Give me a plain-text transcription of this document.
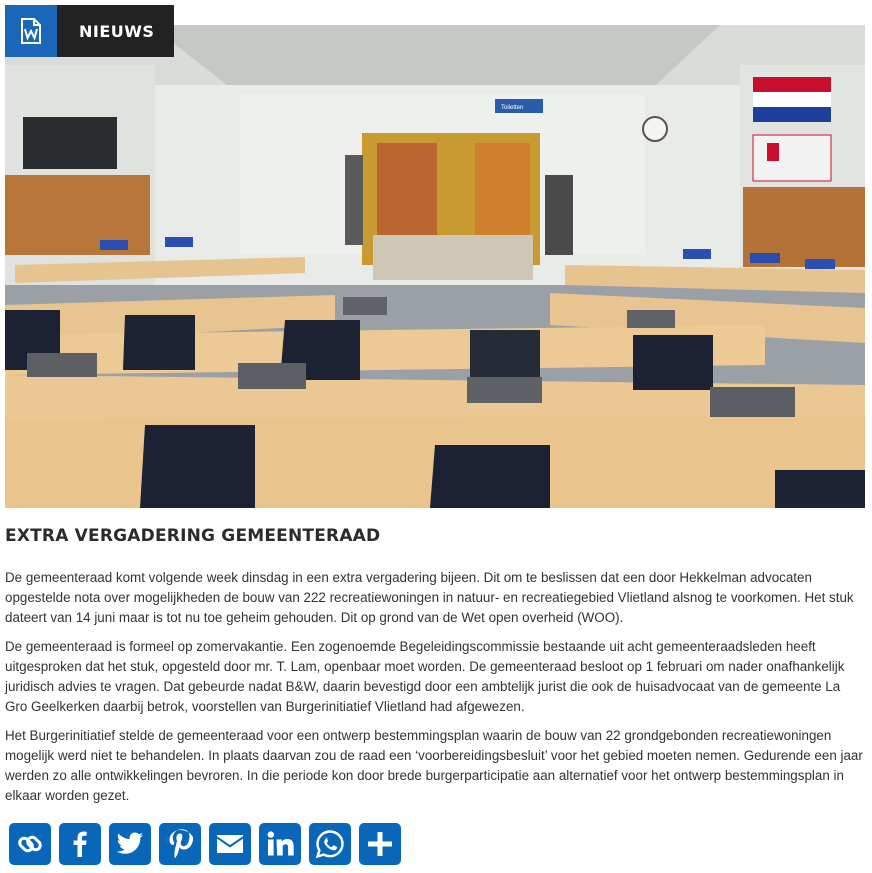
Toiletten
NIEUWS
EXTRA VERGADERING GEMEENTERAAD

De gemeenteraad komt volgende week dinsdag in een extra vergadering bijeen. Dit om te beslissen dat een door Hekkelman advocaten opgestelde nota over mogelijkheden de bouw van 222 recreatiewoningen in natuur- en recreatiegebied Vlietland alsnog te voorkomen. Het stuk dateert van 14 juni maar is tot nu toe geheim gehouden. Dit op grond van de Wet open overheid (WOO).

De gemeenteraad is formeel op zomervakantie. Een zogenoemde Begeleidingscommissie bestaande uit acht gemeenteraadsleden heeft uitgesproken dat het stuk, opgesteld door mr. T. Lam, openbaar moet worden. De gemeenteraad besloot op 1 februari om nader onafhankelijk juridisch advies te vragen. Dat gebeurde nadat B&W, daarin bevestigd door een ambtelijk jurist die ook de huisadvocaat van de gemeente La Gro Geelkerken daarbij betrok, voorstellen van Burgerinitiatief Vlietland had afgewezen.

Het Burgerinitiatief stelde de gemeenteraad voor een ontwerp bestemmingsplan waarin de bouw van 22 grondgebonden recreatiewoningen mogelijk werd niet te behandelen. In plaats daarvan zou de raad een ‘voorbereidingsbesluit’ voor het gebied moeten nemen. Gedurende een jaar werden zo alle ontwikkelingen bevroren. In die periode kon door brede burgerparticipatie aan alternatief voor het ontwerp bestemmingsplan in elkaar worden gezet.
